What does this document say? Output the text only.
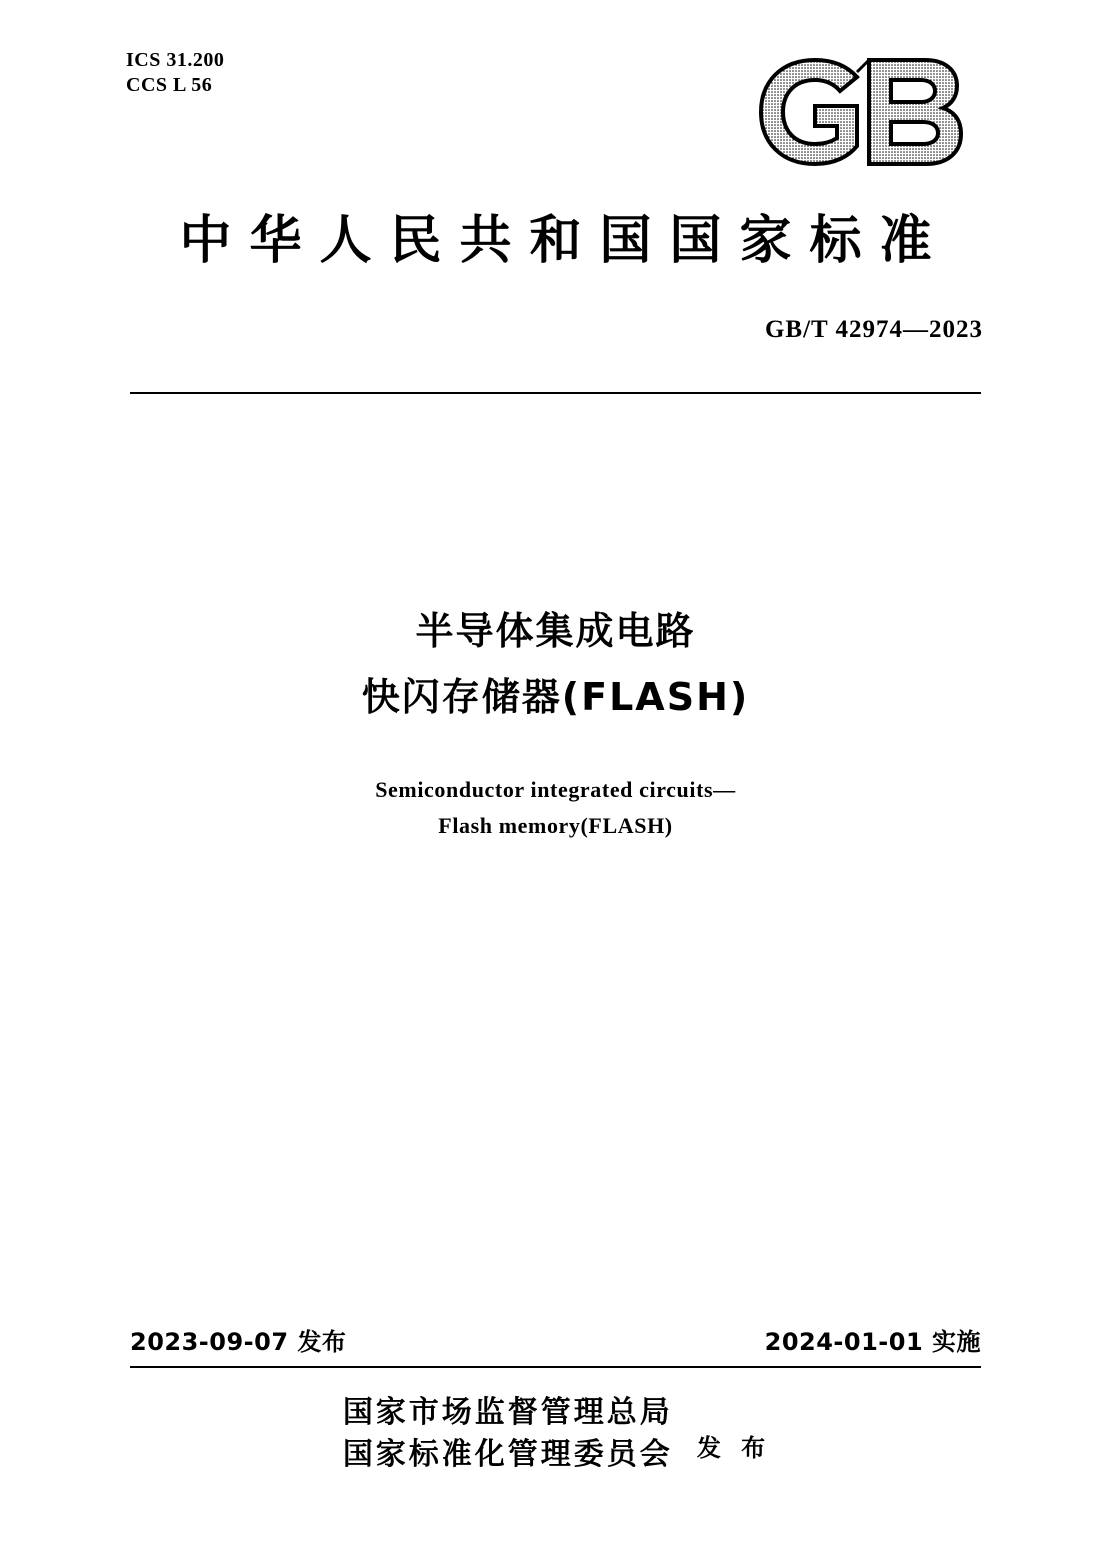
ICS 31.200
CCS L 56
中华人民共和国国家标准
GB/T 42974—2023
半导体集成电路
快闪存储器(FLASH)
Semiconductor integrated circuits—
Flash memory(FLASH)
2023-09-07 发布	2024-01-01 实施
国家市场监督管理总局
国家标准化管理委员会 发 布
